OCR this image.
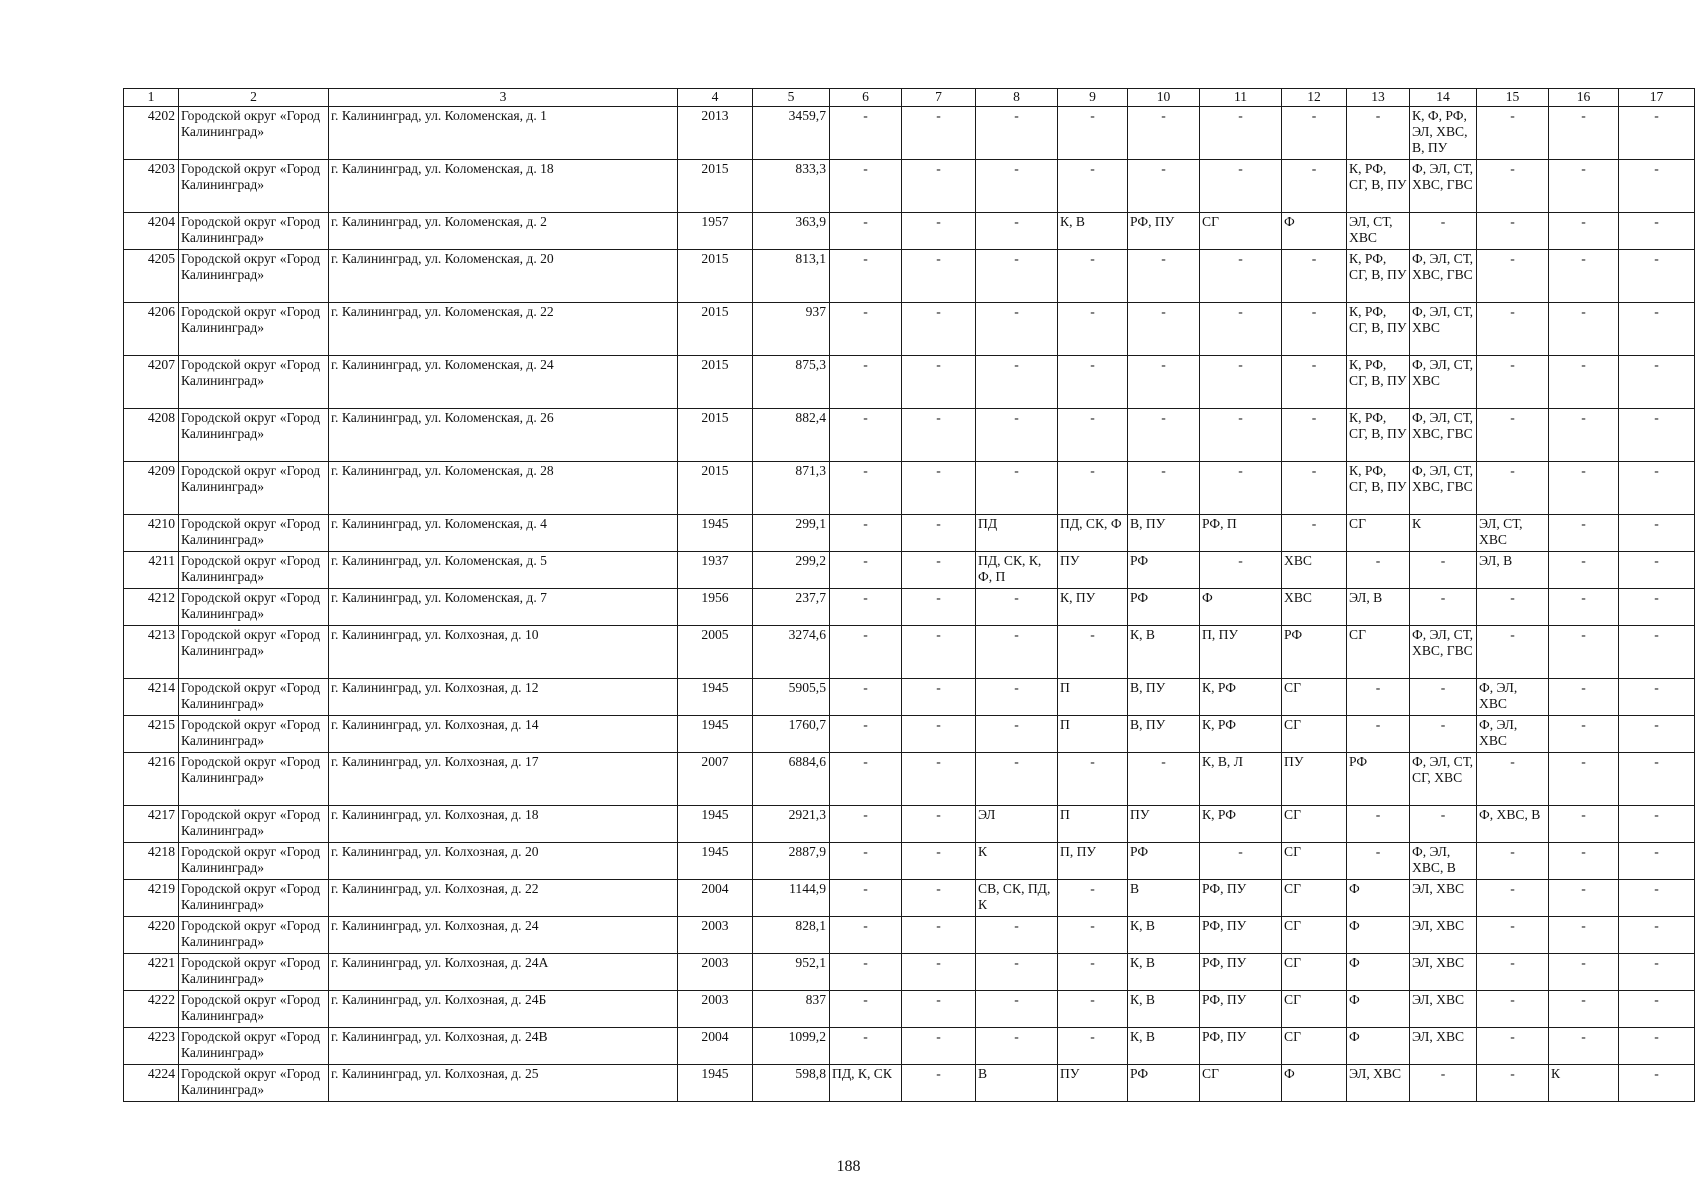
1	2	3	4	5	6	7	8	9	10	11	12	13	14	15	16	17
4202	Городской округ «Город Калининград»	г. Калининград, ул. Коломенская, д. 1	2013	3459,7	-	-	-	-	-	-	-	-	К, Ф, РФ, ЭЛ, ХВС, В, ПУ	-	-	-
4203	Городской округ «Город Калининград»	г. Калининград, ул. Коломенская, д. 18	2015	833,3	-	-	-	-	-	-	-	К, РФ, СГ, В, ПУ	Ф, ЭЛ, СТ, ХВС, ГВС	-	-	-
4204	Городской округ «Город Калининград»	г. Калининград, ул. Коломенская, д. 2	1957	363,9	-	-	-	К, В	РФ, ПУ	СГ	Ф	ЭЛ, СТ, ХВС	-	-	-	-
4205	Городской округ «Город Калининград»	г. Калининград, ул. Коломенская, д. 20	2015	813,1	-	-	-	-	-	-	-	К, РФ, СГ, В, ПУ	Ф, ЭЛ, СТ, ХВС, ГВС	-	-	-
4206	Городской округ «Город Калининград»	г. Калининград, ул. Коломенская, д. 22	2015	937	-	-	-	-	-	-	-	К, РФ, СГ, В, ПУ	Ф, ЭЛ, СТ, ХВС	-	-	-
4207	Городской округ «Город Калининград»	г. Калининград, ул. Коломенская, д. 24	2015	875,3	-	-	-	-	-	-	-	К, РФ, СГ, В, ПУ	Ф, ЭЛ, СТ, ХВС	-	-	-
4208	Городской округ «Город Калининград»	г. Калининград, ул. Коломенская, д. 26	2015	882,4	-	-	-	-	-	-	-	К, РФ, СГ, В, ПУ	Ф, ЭЛ, СТ, ХВС, ГВС	-	-	-
4209	Городской округ «Город Калининград»	г. Калининград, ул. Коломенская, д. 28	2015	871,3	-	-	-	-	-	-	-	К, РФ, СГ, В, ПУ	Ф, ЭЛ, СТ, ХВС, ГВС	-	-	-
4210	Городской округ «Город Калининград»	г. Калининград, ул. Коломенская, д. 4	1945	299,1	-	-	ПД	ПД, СК, Ф	В, ПУ	РФ, П	-	СГ	К	ЭЛ, СТ, ХВС	-	-
4211	Городской округ «Город Калининград»	г. Калининград, ул. Коломенская, д. 5	1937	299,2	-	-	ПД, СК, К, Ф, П	ПУ	РФ	-	ХВС	-	-	ЭЛ, В	-	-
4212	Городской округ «Город Калининград»	г. Калининград, ул. Коломенская, д. 7	1956	237,7	-	-	-	К, ПУ	РФ	Ф	ХВС	ЭЛ, В	-	-	-	-
4213	Городской округ «Город Калининград»	г. Калининград, ул. Колхозная, д. 10	2005	3274,6	-	-	-	-	К, В	П, ПУ	РФ	СГ	Ф, ЭЛ, СТ, ХВС, ГВС	-	-	-
4214	Городской округ «Город Калининград»	г. Калининград, ул. Колхозная, д. 12	1945	5905,5	-	-	-	П	В, ПУ	К, РФ	СГ	-	-	Ф, ЭЛ, ХВС	-	-
4215	Городской округ «Город Калининград»	г. Калининград, ул. Колхозная, д. 14	1945	1760,7	-	-	-	П	В, ПУ	К, РФ	СГ	-	-	Ф, ЭЛ, ХВС	-	-
4216	Городской округ «Город Калининград»	г. Калининград, ул. Колхозная, д. 17	2007	6884,6	-	-	-	-	-	К, В, Л	ПУ	РФ	Ф, ЭЛ, СТ, СГ, ХВС	-	-	-
4217	Городской округ «Город Калининград»	г. Калининград, ул. Колхозная, д. 18	1945	2921,3	-	-	ЭЛ	П	ПУ	К, РФ	СГ	-	-	Ф, ХВС, В	-	-
4218	Городской округ «Город Калининград»	г. Калининград, ул. Колхозная, д. 20	1945	2887,9	-	-	К	П, ПУ	РФ	-	СГ	-	Ф, ЭЛ, ХВС, В	-	-	-
4219	Городской округ «Город Калининград»	г. Калининград, ул. Колхозная, д. 22	2004	1144,9	-	-	СВ, СК, ПД, К	-	В	РФ, ПУ	СГ	Ф	ЭЛ, ХВС	-	-	-
4220	Городской округ «Город Калининград»	г. Калининград, ул. Колхозная, д. 24	2003	828,1	-	-	-	-	К, В	РФ, ПУ	СГ	Ф	ЭЛ, ХВС	-	-	-
4221	Городской округ «Город Калининград»	г. Калининград, ул. Колхозная, д. 24А	2003	952,1	-	-	-	-	К, В	РФ, ПУ	СГ	Ф	ЭЛ, ХВС	-	-	-
4222	Городской округ «Город Калининград»	г. Калининград, ул. Колхозная, д. 24Б	2003	837	-	-	-	-	К, В	РФ, ПУ	СГ	Ф	ЭЛ, ХВС	-	-	-
4223	Городской округ «Город Калининград»	г. Калининград, ул. Колхозная, д. 24В	2004	1099,2	-	-	-	-	К, В	РФ, ПУ	СГ	Ф	ЭЛ, ХВС	-	-	-
4224	Городской округ «Город Калининград»	г. Калининград, ул. Колхозная, д. 25	1945	598,8	ПД, К, СК	-	В	ПУ	РФ	СГ	Ф	ЭЛ, ХВС	-	-	К	-
188
